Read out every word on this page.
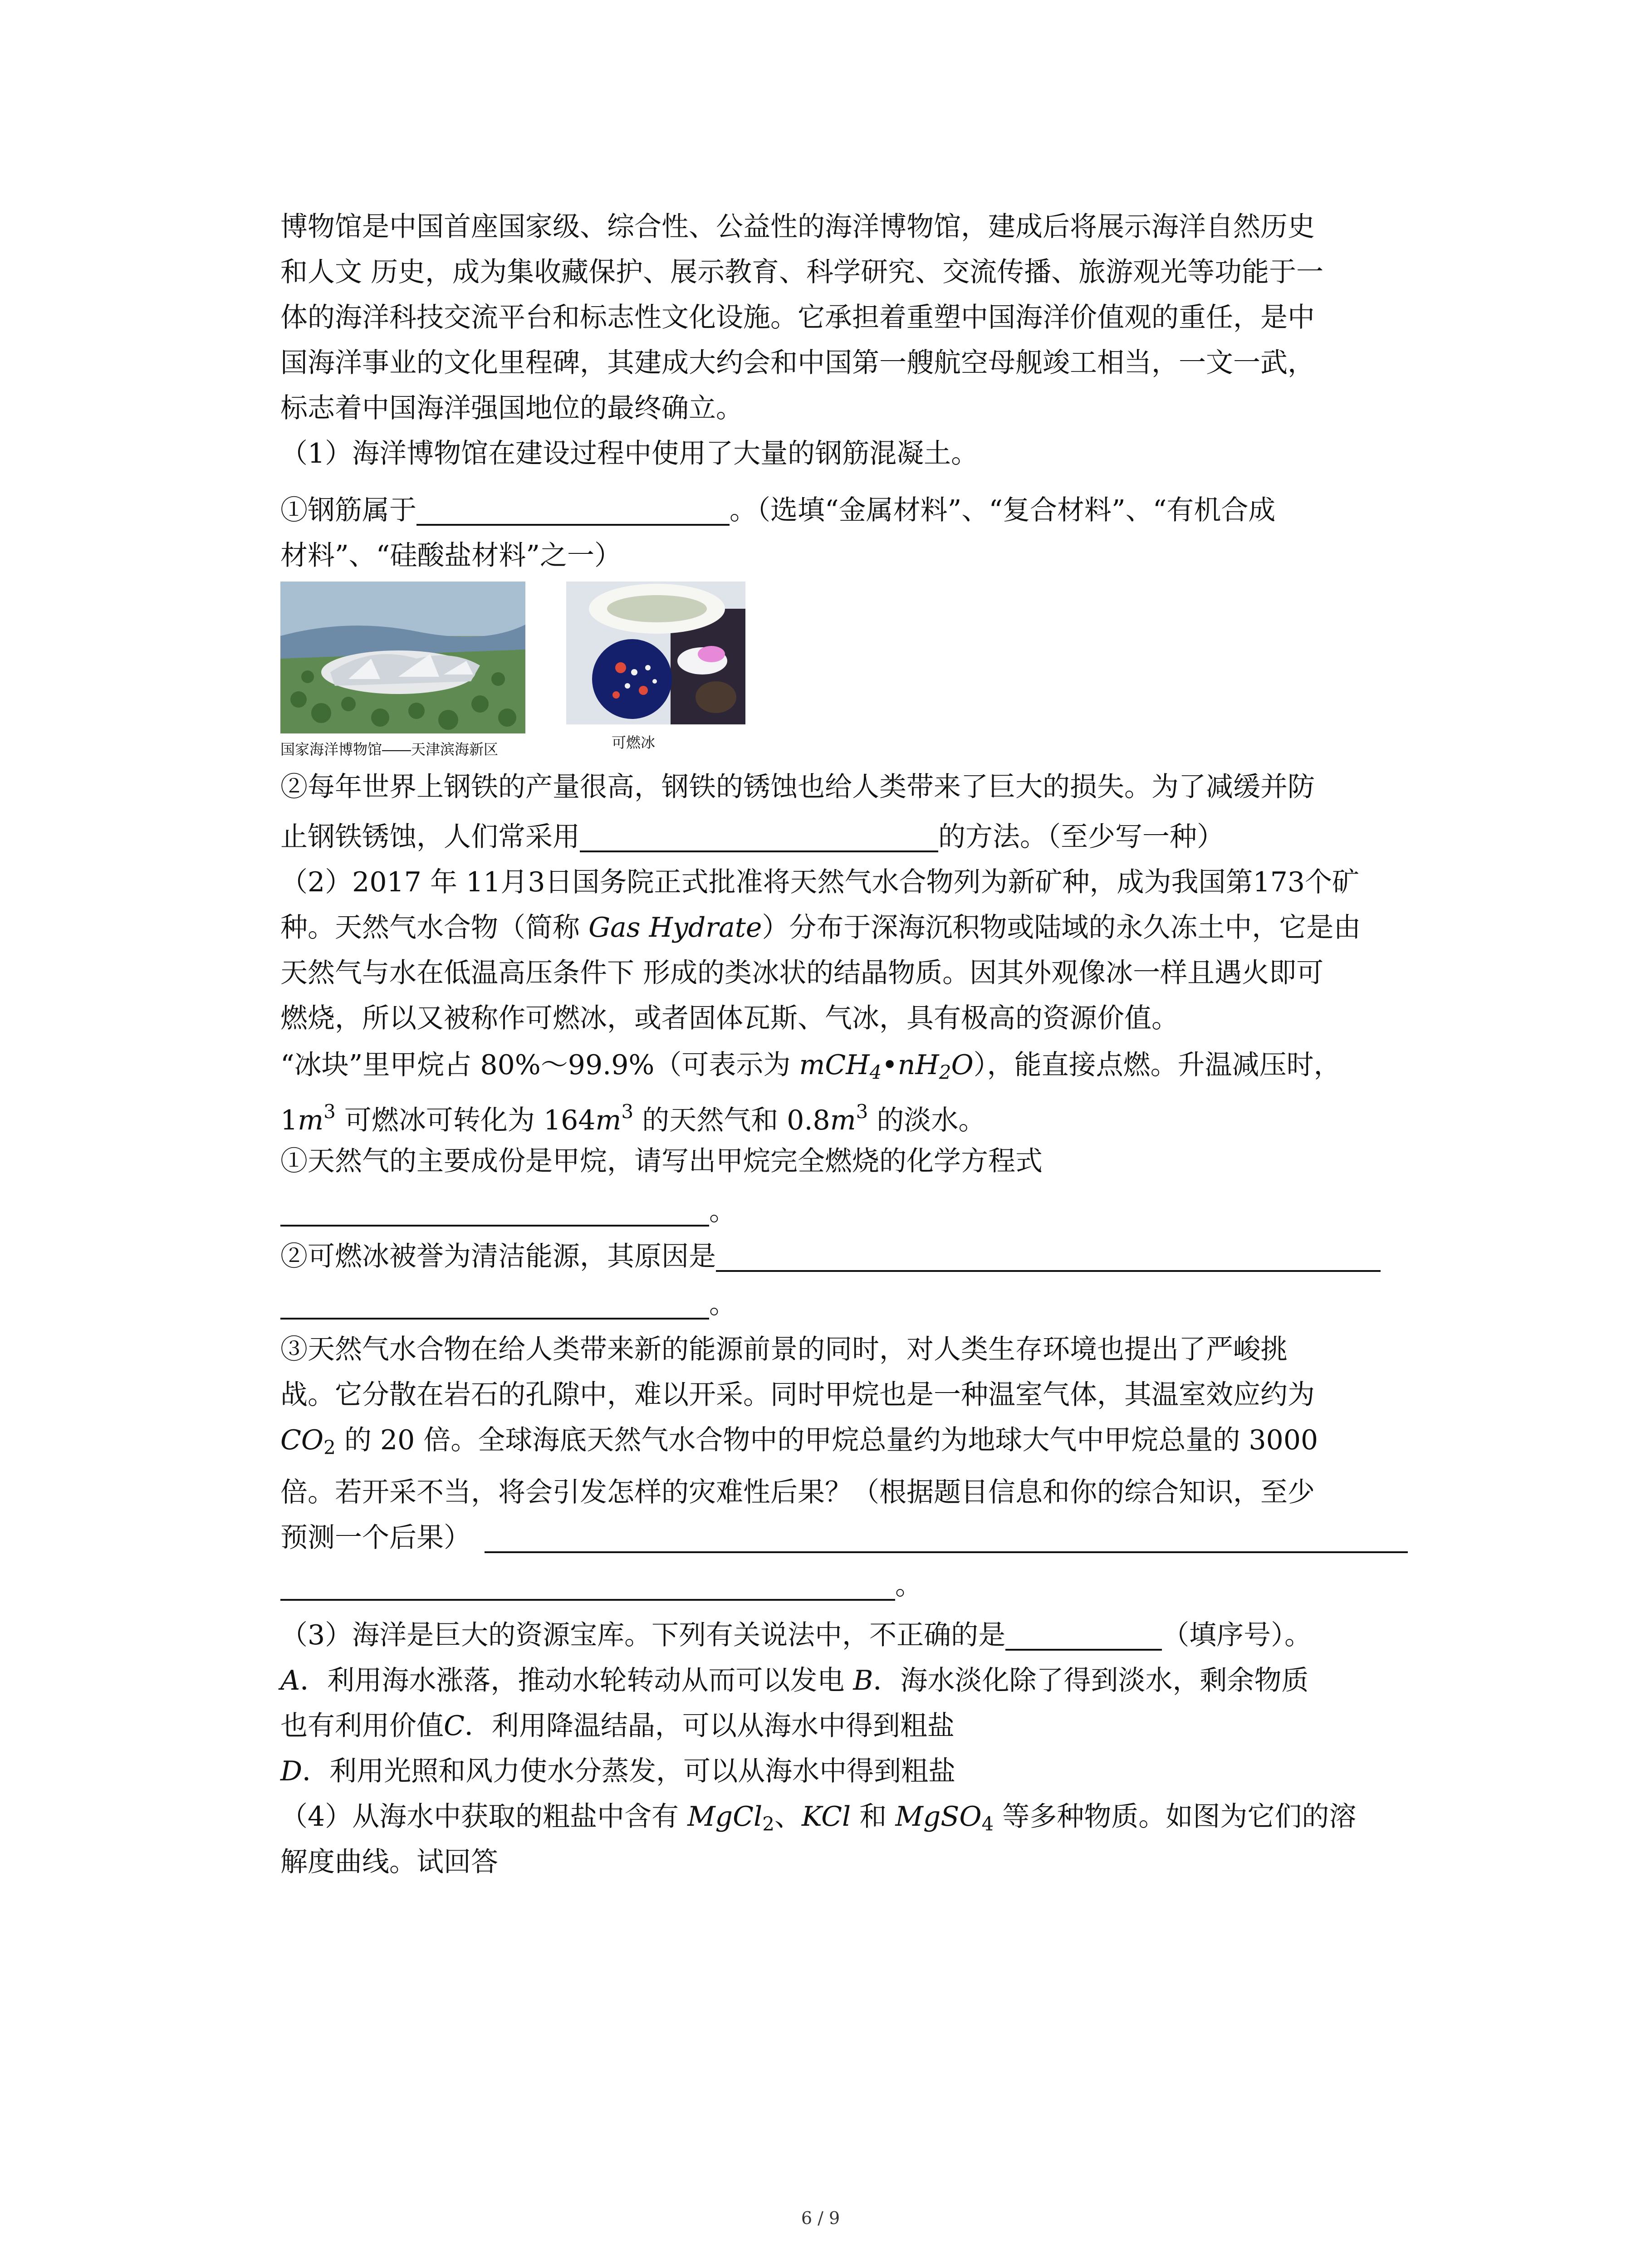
博物馆是中国首座国家级、综合性、公益性的海洋博物馆，建成后将展示海洋自然历史
和人文 历史，成为集收藏保护、展示教育、科学研究、交流传播、旅游观光等功能于一
体的海洋科技交流平台和标志性文化设施。它承担着重塑中国海洋价值观的重任，是中
国海洋事业的文化里程碑，其建成大约会和中国第一艘航空母舰竣工相当，一文一武，
标志着中国海洋强国地位的最终确立。
（1）海洋博物馆在建设过程中使用了大量的钢筋混凝土。
①钢筋属于	。（选填“金属材料”、“复合材料”、“有机合成
材料”、“硅酸盐材料”之一）
国家海洋博物馆——天津滨海新区	可燃冰
②每年世界上钢铁的产量很高，钢铁的锈蚀也给人类带来了巨大的损失。为了减缓并防
止钢铁锈蚀，人们常采用	的方法。（至少写一种）
（2）2017 年 11月3日国务院正式批准将天然气水合物列为新矿种，成为我国第173个矿
种。天然气水合物（简称 Gas Hydrate）分布于深海沉积物或陆域的永久冻土中，它是由
天然气与水在低温高压条件下 形成的类冰状的结晶物质。因其外观像冰一样且遇火即可
燃烧，所以又被称作可燃冰，或者固体瓦斯、气冰，具有极高的资源价值。
“冰块”里甲烷占 80%～99.9%（可表示为 $mCH_4•nH_2O$），能直接点燃。升温减压时，
$1m^3$ 可燃冰可转化为 $164m^3$ 的天然气和 $0.8m^3$ 的淡水。
①天然气的主要成份是甲烷，请写出甲烷完全燃烧的化学方程式
。
②可燃冰被誉为清洁能源，其原因是
。
③天然气水合物在给人类带来新的能源前景的同时，对人类生存环境也提出了严峻挑
战。它分散在岩石的孔隙中，难以开采。同时甲烷也是一种温室气体，其温室效应约为
$CO_2$ 的 20 倍。全球海底天然气水合物中的甲烷总量约为地球大气中甲烷总量的 3000
倍。若开采不当，将会引发怎样的灾难性后果？（根据题目信息和你的综合知识，至少
预测一个后果）
。
（3）海洋是巨大的资源宝库。下列有关说法中，不正确的是	（填序号）。
A．利用海水涨落，推动水轮转动从而可以发电 B．海水淡化除了得到淡水，剩余物质
也有利用价值C．利用降温结晶，可以从海水中得到粗盐
D．利用光照和风力使水分蒸发，可以从海水中得到粗盐
（4）从海水中获取的粗盐中含有 MgCl$_2$、KCl 和 MgSO$_4$ 等多种物质。如图为它们的溶
解度曲线。试回答
6 / 9
